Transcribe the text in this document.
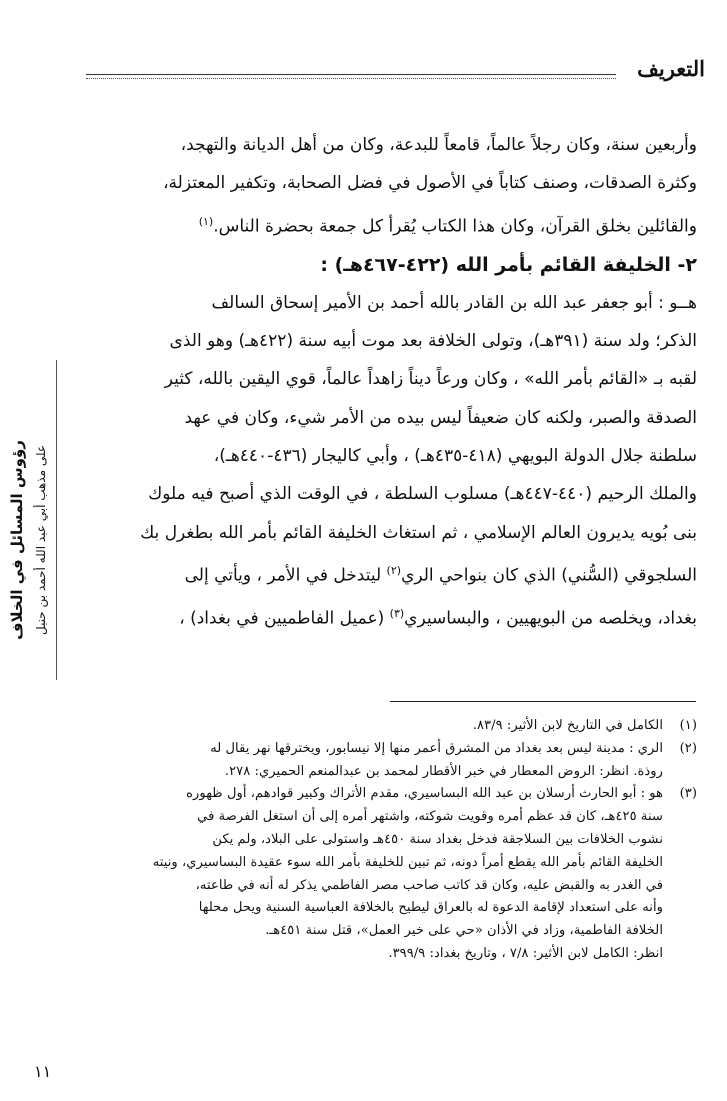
التعريف
رؤوس المسائل في الخلاف على مذهب أبي عبد الله أحمد بن حنبل

وأربعين سنة، وكان رجلاً عالماً، قامعاً للبدعة، وكان من أهل الديانة والتهجد،

وكثرة الصدقات، وصنف كتاباً في الأصول في فضل الصحابة، وتكفير المعتزلة،

والقائلين بخلق القرآن، وكان هذا الكتاب يُقرأ كل جمعة بحضرة الناس.$^{(١)}$

٢- الخليفة القائم بأمر الله (٤٢٢-٤٦٧هـ) :

هــو : أبو جعفر عبد الله بن القادر بالله أحمد بن الأمير إسحاق السالف

الذكر؛ ولد سنة (٣٩١هـ)، وتولى الخلافة بعد موت أبيه سنة (٤٢٢هـ) وهو الذى

لقبه بـ «القائم بأمر الله» ، وكان ورعاً ديناً زاهداً عالماً، قوي اليقين بالله، كثير

الصدقة والصبر، ولكنه كان ضعيفاً ليس بيده من الأمر شيء، وكان في عهد

سلطنة جلال الدولة البويهي (٤١٨-٤٣٥هـ) ، وأبي كاليجار (٤٣٦-٤٤٠هـ)،

والملك الرحيم (٤٤٠-٤٤٧هـ) مسلوب السلطة ، في الوقت الذي أصبح فيه ملوك

بنى بُويه يديرون العالم الإسلامي ، ثم استغاث الخليفة القائم بأمر الله بطغرل بك

السلجوقي (السُّني) الذي كان بنواحي الري$^{(٢)}$ ليتدخل في الأمر ، ويأتي إلى

بغداد، ويخلصه من البويهيين ، والبساسيري$^{(٣)}$ (عميل الفاطميين في بغداد) ،

(١)
الكامل في التاريخ لابن الأثير: ٨٣/٩.
(٢)
الري : مدينة ليس بعد بغداد من المشرق أعمر منها إلا نيسابور، ويخترقها نهر يقال له
روذة. انظر: الروض المعطار في خبر الأقطار لمحمد بن عبدالمنعم الحميري: ٢٧٨.
(٣)
هو : أبو الحارث أرسلان بن عبد الله البساسيري، مقدم الأتراك وكبير قوادهم، أول ظهوره
سنة ٤٢٥هـ، كان قد عظم أمره وقويت شوكته، واشتهر أمره إلى أن استغل الفرصة في
نشوب الخلافات بين السلاجقة فدخل بغداد سنة ٤٥٠هـ واستولى على البلاد، ولم يكن
الخليفة القائم بأمر الله يقطع أمراً دونه، ثم تبين للخليفة بأمر الله سوء عقيدة البساسيري، ونيته
في الغدر به والقبض عليه، وكان قد كاتب صاحب مصر الفاطمي يذكر له أنه في طاعته،
وأنه على استعداد لإقامة الدعوة له بالعراق ليطيح بالخلافة العباسية السنية ويحل محلها
الخلافة الفاطمية، وزاد في الأذان «حي على خير العمل»، قتل سنة ٤٥١هـ.
انظر: الكامل لابن الأثير: ٧/٨ ، وتاريخ بغداد: ٣٩٩/٩.
١١
